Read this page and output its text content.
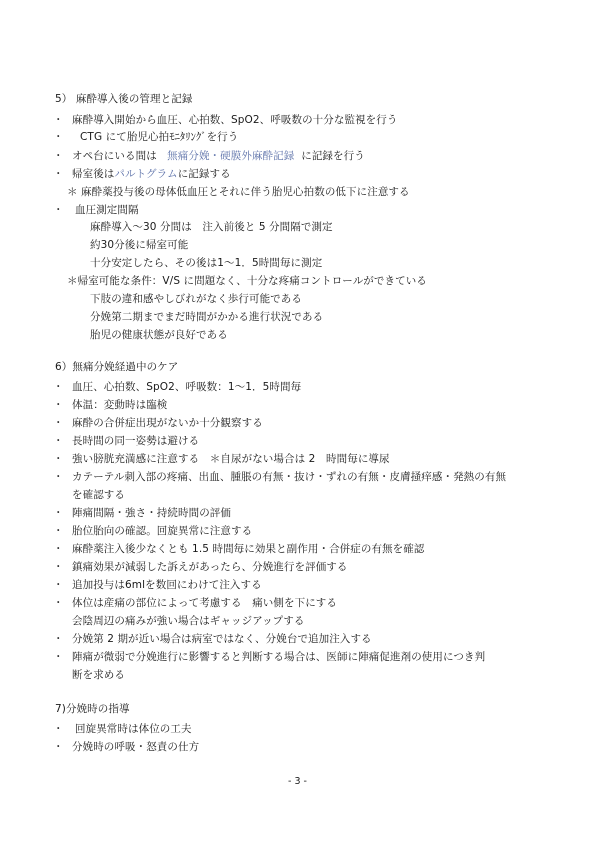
5） 麻酔導入後の管理と記録
・ 麻酔導入開始から血圧、心拍数、SpO2、呼吸数の十分な監視を行う
・ CTG にて胎児心拍ﾓﾆﾀﾘﾝｸﾞを行う
・ オペ台にいる間は 無痛分娩・硬膜外麻酔記録 に記録を行う
・ 帰室後はパルトグラムに記録する
＊ 麻酔薬投与後の母体低血圧とそれに伴う胎児心拍数の低下に注意する
・ 血圧測定間隔
麻酔導入～30 分間は　注入前後と 5 分間隔で測定
約30分後に帰室可能
十分安定したら、その後は1～1．5時間毎に測定
＊帰室可能な条件：V/S に問題なく、十分な疼痛コントロールができている
下肢の違和感やしびれがなく歩行可能である
分娩第二期までまだ時間がかかる進行状況である
胎児の健康状態が良好である
6）無痛分娩経過中のケア
・ 血圧、心拍数、SpO2、呼吸数：1～1．5時間毎
・ 体温：変動時は臨検
・ 麻酔の合併症出現がないか十分観察する
・ 長時間の同一姿勢は避ける
・ 強い膀胱充満感に注意する　＊自尿がない場合は 2　時間毎に導尿
・ カテーテル刺入部の疼痛、出血、腫脹の有無・抜け・ずれの有無・皮膚掻痒感・発熱の有無
を確認する
・ 陣痛間隔・強さ・持続時間の評価
・ 胎位胎向の確認。回旋異常に注意する
・ 麻酔薬注入後少なくとも 1.5 時間毎に効果と副作用・合併症の有無を確認
・ 鎮痛効果が減弱した訴えがあったら、分娩進行を評価する
・ 追加投与は6mlを数回にわけて注入する
・ 体位は産痛の部位によって考慮する　痛い側を下にする
会陰周辺の痛みが強い場合はギャッジアップする
・ 分娩第 2 期が近い場合は病室ではなく、分娩台で追加注入する
・ 陣痛が微弱で分娩進行に影響すると判断する場合は、医師に陣痛促進剤の使用につき判
断を求める
7)分娩時の指導
・ 回旋異常時は体位の工夫
・ 分娩時の呼吸・怒責の仕方
- 3 -
